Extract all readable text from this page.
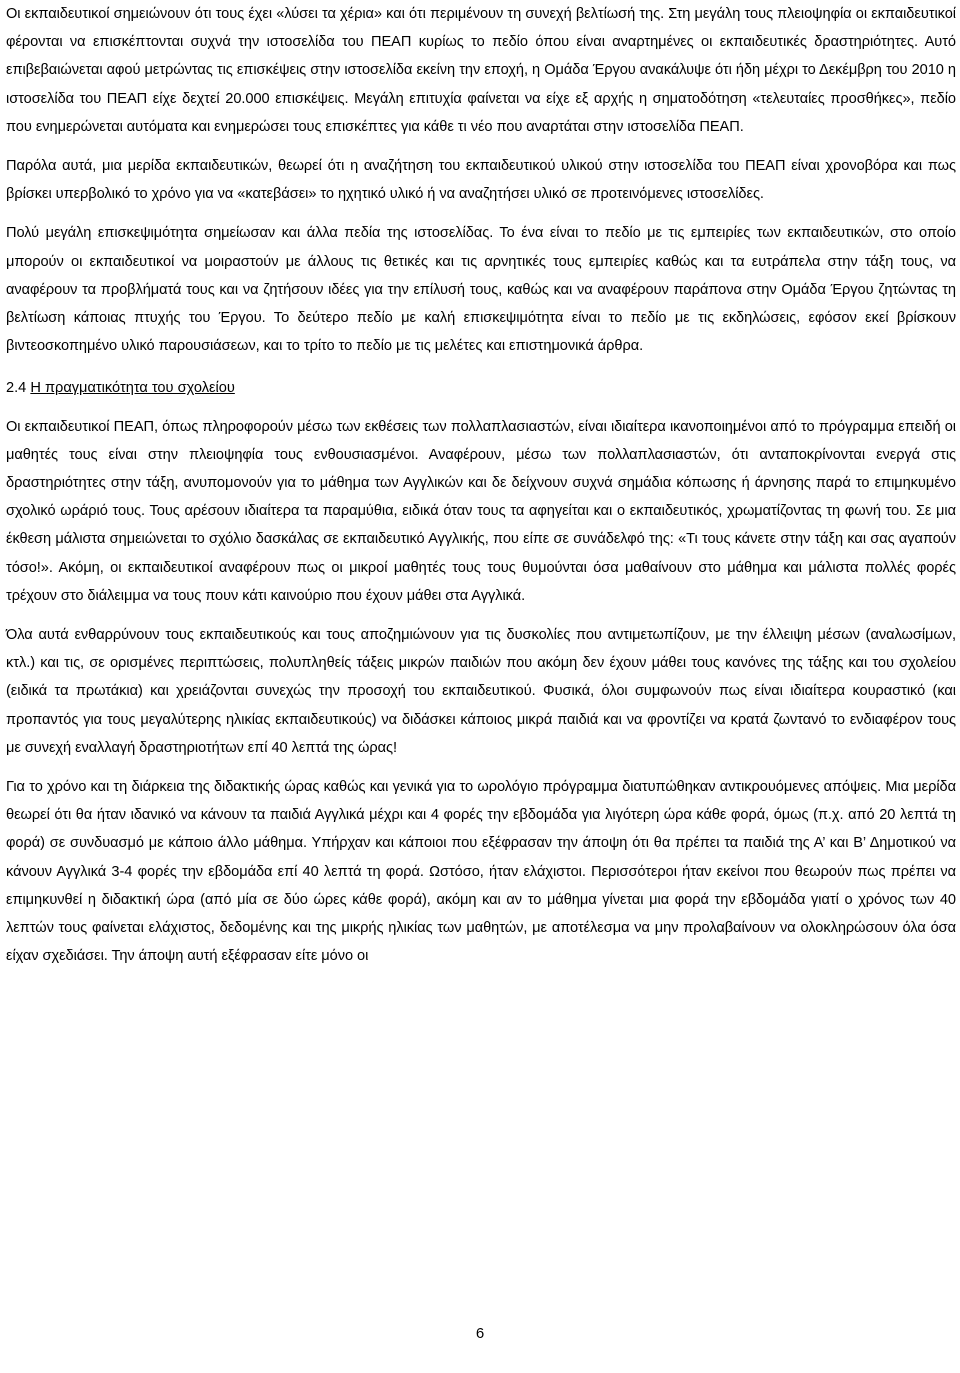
Οι εκπαιδευτικοί σημειώνουν ότι τους έχει «λύσει τα χέρια» και ότι περιμένουν τη συνεχή βελτίωσή της. Στη μεγάλη τους πλειοψηφία οι εκπαιδευτικοί φέρονται να επισκέπτονται συχνά την ιστοσελίδα του ΠΕΑΠ κυρίως το πεδίο όπου είναι αναρτημένες οι εκπαιδευτικές δραστηριότητες. Αυτό επιβεβαιώνεται αφού μετρώντας τις επισκέψεις στην ιστοσελίδα εκείνη την εποχή, η Ομάδα Έργου ανακάλυψε ότι ήδη μέχρι το Δεκέμβρη του 2010 η ιστοσελίδα του ΠΕΑΠ είχε δεχτεί 20.000 επισκέψεις. Μεγάλη επιτυχία φαίνεται να είχε εξ αρχής η σηματοδότηση «τελευταίες προσθήκες», πεδίο που ενημερώνεται αυτόματα και ενημερώσει τους επισκέπτες για κάθε τι νέο που αναρτάται στην ιστοσελίδα ΠΕΑΠ.

Παρόλα αυτά, μια μερίδα εκπαιδευτικών, θεωρεί ότι η αναζήτηση του εκπαιδευτικού υλικού στην ιστοσελίδα του ΠΕΑΠ είναι χρονοβόρα και πως βρίσκει υπερβολικό το χρόνο για να «κατεβάσει» το ηχητικό υλικό ή να αναζητήσει υλικό σε προτεινόμενες ιστοσελίδες.

Πολύ μεγάλη επισκεψιμότητα σημείωσαν και άλλα πεδία της ιστοσελίδας. Το ένα είναι το πεδίο με τις εμπειρίες των εκπαιδευτικών, στο οποίο μπορούν οι εκπαιδευτικοί να μοιραστούν με άλλους τις θετικές και τις αρνητικές τους εμπειρίες καθώς και τα ευτράπελα στην τάξη τους, να αναφέρουν τα προβλήματά τους και να ζητήσουν ιδέες για την επίλυσή τους, καθώς και να αναφέρουν παράπονα στην Ομάδα Έργου ζητώντας τη βελτίωση κάποιας πτυχής του Έργου. Το δεύτερο πεδίο με καλή επισκεψιμότητα είναι το πεδίο με τις εκδηλώσεις, εφόσον εκεί βρίσκουν βιντεοσκοπημένο υλικό παρουσιάσεων, και το τρίτο το πεδίο με τις μελέτες και επιστημονικά άρθρα.

2.4 Η πραγματικότητα του σχολείου

Οι εκπαιδευτικοί ΠΕΑΠ, όπως πληροφορούν μέσω των εκθέσεις των πολλαπλασιαστών, είναι ιδιαίτερα ικανοποιημένοι από το πρόγραμμα επειδή οι μαθητές τους είναι στην πλειοψηφία τους ενθουσιασμένοι. Αναφέρουν, μέσω των πολλαπλασιαστών, ότι ανταποκρίνονται ενεργά στις δραστηριότητες στην τάξη, ανυπομονούν για το μάθημα των Αγγλικών και δε δείχνουν συχνά σημάδια κόπωσης ή άρνησης παρά το επιμηκυμένο σχολικό ωράριό τους. Τους αρέσουν ιδιαίτερα τα παραμύθια, ειδικά όταν τους τα αφηγείται και ο εκπαιδευτικός, χρωματίζοντας τη φωνή του. Σε μια έκθεση μάλιστα σημειώνεται το σχόλιο δασκάλας σε εκπαιδευτικό Αγγλικής, που είπε σε συνάδελφό της: «Τι τους κάνετε στην τάξη και σας αγαπούν τόσο!». Ακόμη, οι εκπαιδευτικοί αναφέρουν πως οι μικροί μαθητές τους τους θυμούνται όσα μαθαίνουν στο μάθημα και μάλιστα πολλές φορές τρέχουν στο διάλειμμα να τους πουν κάτι καινούριο που έχουν μάθει στα Αγγλικά.

Όλα αυτά ενθαρρύνουν τους εκπαιδευτικούς και τους αποζημιώνουν για τις δυσκολίες που αντιμετωπίζουν, με την έλλειψη μέσων (αναλωσίμων, κτλ.) και τις, σε ορισμένες περιπτώσεις, πολυπληθείς τάξεις μικρών παιδιών που ακόμη δεν έχουν μάθει τους κανόνες της τάξης και του σχολείου (ειδικά τα πρωτάκια) και χρειάζονται συνεχώς την προσοχή του εκπαιδευτικού. Φυσικά, όλοι συμφωνούν πως είναι ιδιαίτερα κουραστικό (και προπαντός για τους μεγαλύτερης ηλικίας εκπαιδευτικούς) να διδάσκει κάποιος μικρά παιδιά και να φροντίζει να κρατά ζωντανό το ενδιαφέρον τους με συνεχή εναλλαγή δραστηριοτήτων επί 40 λεπτά της ώρας!

Για το χρόνο και τη διάρκεια της διδακτικής ώρας καθώς και γενικά για το ωρολόγιο πρόγραμμα διατυπώθηκαν αντικρουόμενες απόψεις. Μια μερίδα θεωρεί ότι θα ήταν ιδανικό να κάνουν τα παιδιά Αγγλικά μέχρι και 4 φορές την εβδομάδα για λιγότερη ώρα κάθε φορά, όμως (π.χ. από 20 λεπτά τη φορά) σε συνδυασμό με κάποιο άλλο μάθημα. Υπήρχαν και κάποιοι που εξέφρασαν την άποψη ότι θα πρέπει τα παιδιά της Α’ και Β’ Δημοτικού να κάνουν Αγγλικά 3-4 φορές την εβδομάδα επί 40 λεπτά τη φορά. Ωστόσο, ήταν ελάχιστοι. Περισσότεροι ήταν εκείνοι που θεωρούν πως πρέπει να επιμηκυνθεί η διδακτική ώρα (από μία σε δύο ώρες κάθε φορά), ακόμη και αν το μάθημα γίνεται μια φορά την εβδομάδα γιατί ο χρόνος των 40 λεπτών τους φαίνεται ελάχιστος, δεδομένης και της μικρής ηλικίας των μαθητών, με αποτέλεσμα να μην προλαβαίνουν να ολοκληρώσουν όλα όσα είχαν σχεδιάσει. Την άποψη αυτή εξέφρασαν είτε μόνο οι

6
